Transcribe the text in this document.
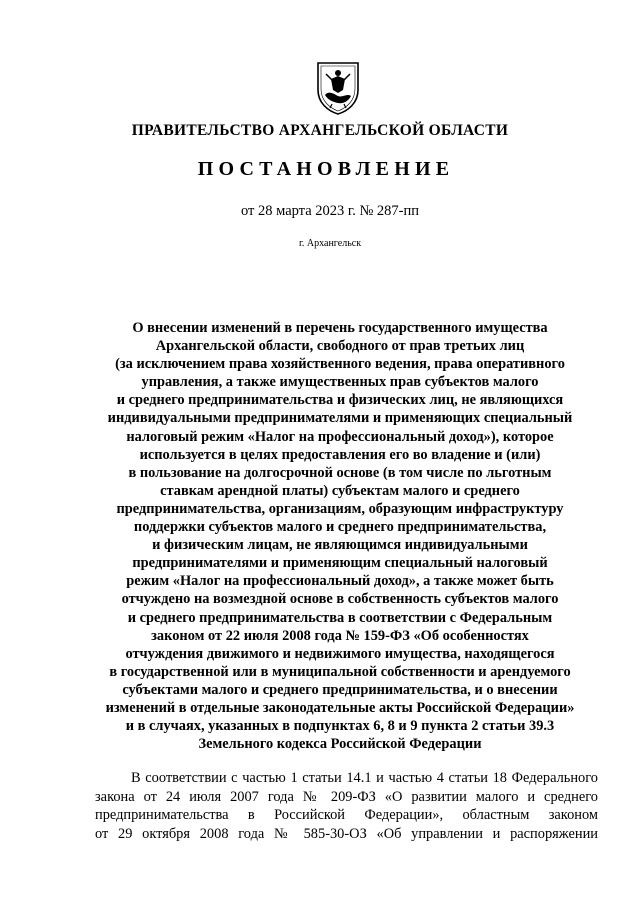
ПРАВИТЕЛЬСТВО АРХАНГЕЛЬСКОЙ ОБЛАСТИ
ПОСТАНОВЛЕНИЕ
от 28 марта 2023 г. № 287-пп
г. Архангельск
О внесении изменений в перечень государственного имущества
Архангельской области, свободного от прав третьих лиц
(за исключением права хозяйственного ведения, права оперативного
управления, а также имущественных прав субъектов малого
и среднего предпринимательства и физических лиц, не являющихся
индивидуальными предпринимателями и применяющих специальный
налоговый режим «Налог на профессиональный доход»), которое
используется в целях предоставления его во владение и (или)
в пользование на долгосрочной основе (в том числе по льготным
ставкам арендной платы) субъектам малого и среднего
предпринимательства, организациям, образующим инфраструктуру
поддержки субъектов малого и среднего предпринимательства,
и физическим лицам, не являющимся индивидуальными
предпринимателями и применяющим специальный налоговый
режим «Налог на профессиональный доход», а также может быть
отчуждено на возмездной основе в собственность субъектов малого
и среднего предпринимательства в соответствии с Федеральным
законом от 22 июля 2008 года № 159-ФЗ «Об особенностях
отчуждения движимого и недвижимого имущества, находящегося
в государственной или в муниципальной собственности и арендуемого
субъектами малого и среднего предпринимательства, и о внесении
изменений в отдельные законодательные акты Российской Федерации»
и в случаях, указанных в подпунктах 6, 8 и 9 пункта 2 статьи 39.3
Земельного кодекса Российской Федерации
В соответствии с частью 1 статьи 14.1 и частью 4 статьи 18 Федерального
закона от 24 июля 2007 года № 209-ФЗ «О развитии малого и среднего
предпринимательства в Российской Федерации», областным законом
от 29 октября 2008 года № 585-30-ОЗ «Об управлении и распоряжении
